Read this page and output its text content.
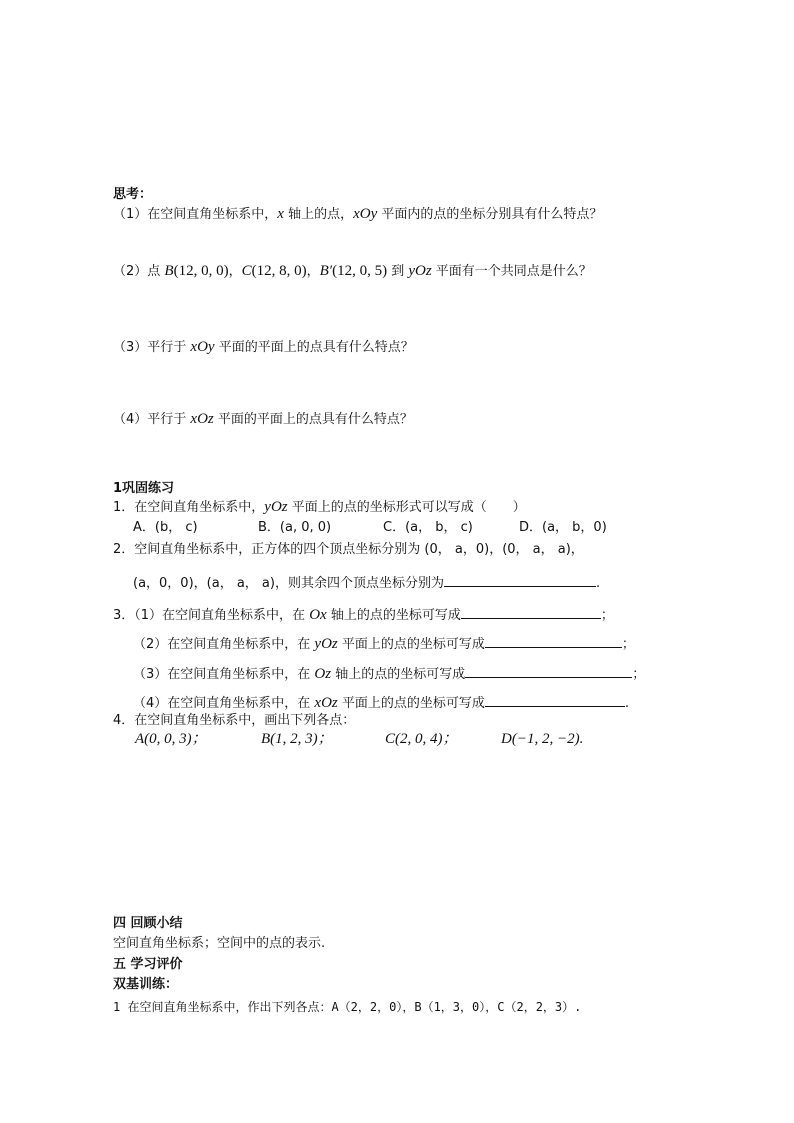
思考：
（1）在空间直角坐标系中，x 轴上的点，xOy 平面内的点的坐标分别具有什么特点？
（2）点 B(12, 0, 0)，C(12, 8, 0)，B′(12, 0, 5) 到 yOz 平面有一个共同点是什么？
（3）平行于 xOy 平面的平面上的点具有什么特点？
（4）平行于 xOz 平面的平面上的点具有什么特点？
1巩固练习
1．在空间直角坐标系中，yOz 平面上的点的坐标形式可以写成（　　）
A．(b， c)	B．(a, 0, 0)	C．(a， b， c)	D．(a， b，0)
2．空间直角坐标系中，正方体的四个顶点坐标分别为 (0， a，0)，(0， a， a)，
(a，0，0)，(a， a， a)，则其余四个顶点坐标分别为	.
3．（1）在空间直角坐标系中，在 Ox 轴上的点的坐标可写成	；
（2）在空间直角坐标系中，在 yOz 平面上的点的坐标可写成	；
（3）在空间直角坐标系中，在 Oz 轴上的点的坐标可写成	；
（4）在空间直角坐标系中，在 xOz 平面上的点的坐标可写成	.
4．在空间直角坐标系中，画出下列各点：
A(0, 0, 3)；	B(1, 2, 3)；	C(2, 0, 4)；	D(−1, 2, −2).
四 回顾小结
空间直角坐标系；空间中的点的表示.
五 学习评价
双基训练：
1 在空间直角坐标系中，作出下列各点：A（2，2，0），B（1，3，0），C（2，2，3）.
